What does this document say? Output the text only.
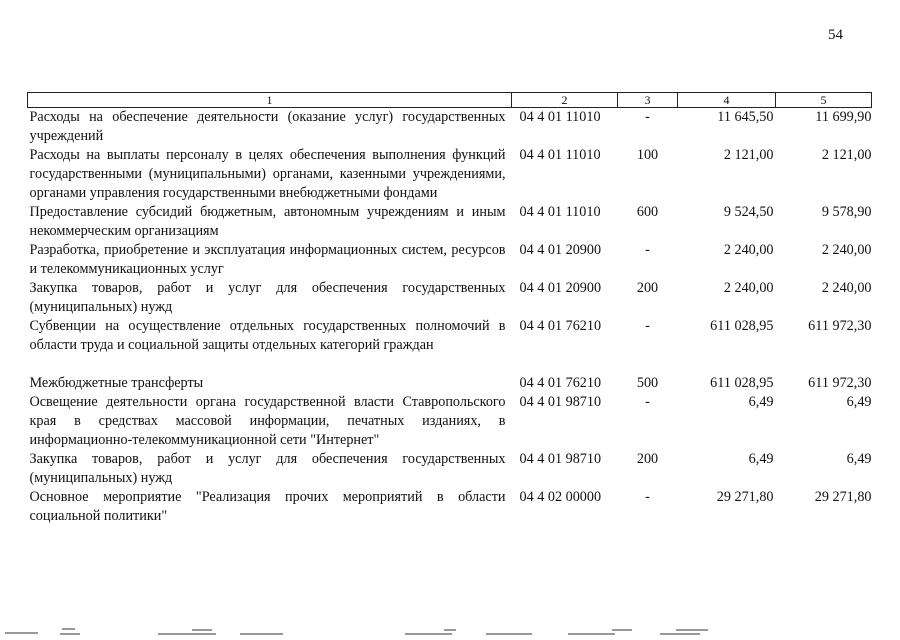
54
1	2	3	4	5
Расходы на обеспечение деятельности (оказание услуг) государственных учреждений	04 4 01 11010	-	11 645,50	11 699,90
Расходы на выплаты персоналу в целях обеспечения выполнения функций государственными (муниципальными) органами, казенными учреждениями, органами управления государственными внебюджетными фондами	04 4 01 11010	100	2 121,00	2 121,00
Предоставление субсидий бюджетным, автономным учреждениям и иным некоммерческим организациям	04 4 01 11010	600	9 524,50	9 578,90
Разработка, приобретение и эксплуатация информационных систем, ресурсов и телекоммуникационных услуг	04 4 01 20900	-	2 240,00	2 240,00
Закупка товаров, работ и услуг для обеспечения государственных (муниципальных) нужд	04 4 01 20900	200	2 240,00	2 240,00
Субвенции на осуществление отдельных государственных полномочий в области труда и социальной защиты отдельных категорий граждан	04 4 01 76210	-	611 028,95	611 972,30

Межбюджетные трансферты	04 4 01 76210	500	611 028,95	611 972,30
Освещение деятельности органа государственной власти Ставропольского края в средствах массовой информации, печатных изданиях, в информационно-телекоммуникационной сети "Интернет"	04 4 01 98710	-	6,49	6,49
Закупка товаров, работ и услуг для обеспечения государственных (муниципальных) нужд	04 4 01 98710	200	6,49	6,49
Основное мероприятие "Реализация прочих мероприятий в области социальной политики"	04 4 02 00000	-	29 271,80	29 271,80
